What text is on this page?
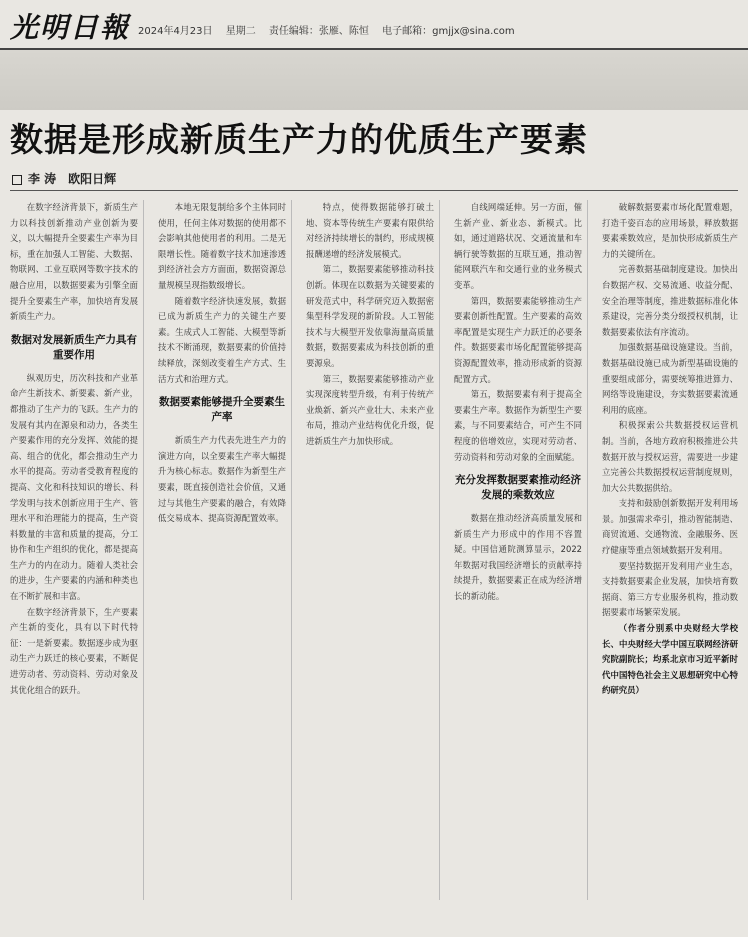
光明日報 2024年4月23日 星期二 责任编辑：张雁、陈恒 电子邮箱：gmjjx@sina.com
数据是形成新质生产力的优质生产要素
李 涛　欧阳日辉

在数字经济背景下，新质生产力以科技创新推动产业创新为要义，以大幅提升全要素生产率为目标，重在加强人工智能、大数据、物联网、工业互联网等数字技术的融合应用，以数据要素为引擎全面提升全要素生产率，加快培育发展新质生产力。

数据对发展新质生产力具有重要作用

纵观历史，历次科技和产业革命产生新技术、新要素、新产业，都推动了生产力的飞跃。生产力的发展有其内在源泉和动力，各类生产要素作用的充分发挥、效能的提高、组合的优化，都会推动生产力水平的提高。劳动者受教育程度的提高、文化和科技知识的增长、科学发明与技术创新应用于生产、管理水平和治理能力的提高，生产资料数量的丰富和质量的提高，分工协作和生产组织的优化，都是提高生产力的内在动力。随着人类社会的进步，生产要素的内涵和种类也在不断扩展和丰富。

在数字经济背景下，生产要素产生新的变化，具有以下时代特征：一是新要素。数据逐步成为驱动生产力跃迁的核心要素，不断促进劳动者、劳动资料、劳动对象及其优化组合的跃升。

本地无限复制给多个主体同时使用，任何主体对数据的使用都不会影响其他使用者的利用。二是无限增长性。随着数字技术加速渗透到经济社会方方面面，数据资源总量规模呈现指数级增长。

随着数字经济快速发展，数据已成为新质生产力的关键生产要素。生成式人工智能、大模型等新技术不断涌现，数据要素的价值持续释放，深刻改变着生产方式、生活方式和治理方式。

数据要素能够提升全要素生产率

新质生产力代表先进生产力的演进方向，以全要素生产率大幅提升为核心标志。数据作为新型生产要素，既直接创造社会价值，又通过与其他生产要素的融合，有效降低交易成本、提高资源配置效率。

特点，使得数据能够打破土地、资本等传统生产要素有限供给对经济持续增长的制约，形成规模报酬递增的经济发展模式。

第二，数据要素能够推动科技创新。体现在以数据为关键要素的研发范式中，科学研究迈入数据密集型科学发现的新阶段。人工智能技术与大模型开发依靠海量高质量数据，数据要素成为科技创新的重要源泉。

第三，数据要素能够推动产业实现深度转型升级，有利于传统产业焕新、新兴产业壮大、未来产业布局，推动产业结构优化升级，促进新质生产力加快形成。

自线网端延伸。另一方面，催生新产业、新业态、新模式。比如，通过道路状况、交通流量和车辆行驶等数据的互联互通，推动智能网联汽车和交通行业的业务模式变革。

第四，数据要素能够推动生产要素创新性配置。生产要素的高效率配置是实现生产力跃迁的必要条件。数据要素市场化配置能够提高资源配置效率，推动形成新的资源配置方式。

第五，数据要素有利于提高全要素生产率。数据作为新型生产要素，与不同要素结合，可产生不同程度的倍增效应，实现对劳动者、劳动资料和劳动对象的全面赋能。

充分发挥数据要素推动经济发展的乘数效应

数据在推动经济高质量发展和新质生产力形成中的作用不容置疑。中国信通院测算显示，2022年数据对我国经济增长的贡献率持续提升，数据要素正在成为经济增长的新动能。

破解数据要素市场化配置难题，打造千姿百态的应用场景，释放数据要素乘数效应，是加快形成新质生产力的关键所在。

完善数据基础制度建设。加快出台数据产权、交易流通、收益分配、安全治理等制度，推进数据标准化体系建设，完善分类分级授权机制，让数据要素依法有序流动。

加强数据基础设施建设。当前，数据基础设施已成为新型基础设施的重要组成部分，需要统筹推进算力、网络等设施建设，夯实数据要素流通利用的底座。

积极探索公共数据授权运营机制。当前，各地方政府积极推进公共数据开放与授权运营，需要进一步建立完善公共数据授权运营制度规则，加大公共数据供给。

支持和鼓励创新数据开发利用场景。加强需求牵引，推动智能制造、商贸流通、交通物流、金融服务、医疗健康等重点领域数据开发利用。

要坚持数据开发利用产业生态，支持数据要素企业发展，加快培育数据商、第三方专业服务机构，推动数据要素市场繁荣发展。

（作者分别系中央财经大学校长、中央财经大学中国互联网经济研究院副院长；均系北京市习近平新时代中国特色社会主义思想研究中心特约研究员）
